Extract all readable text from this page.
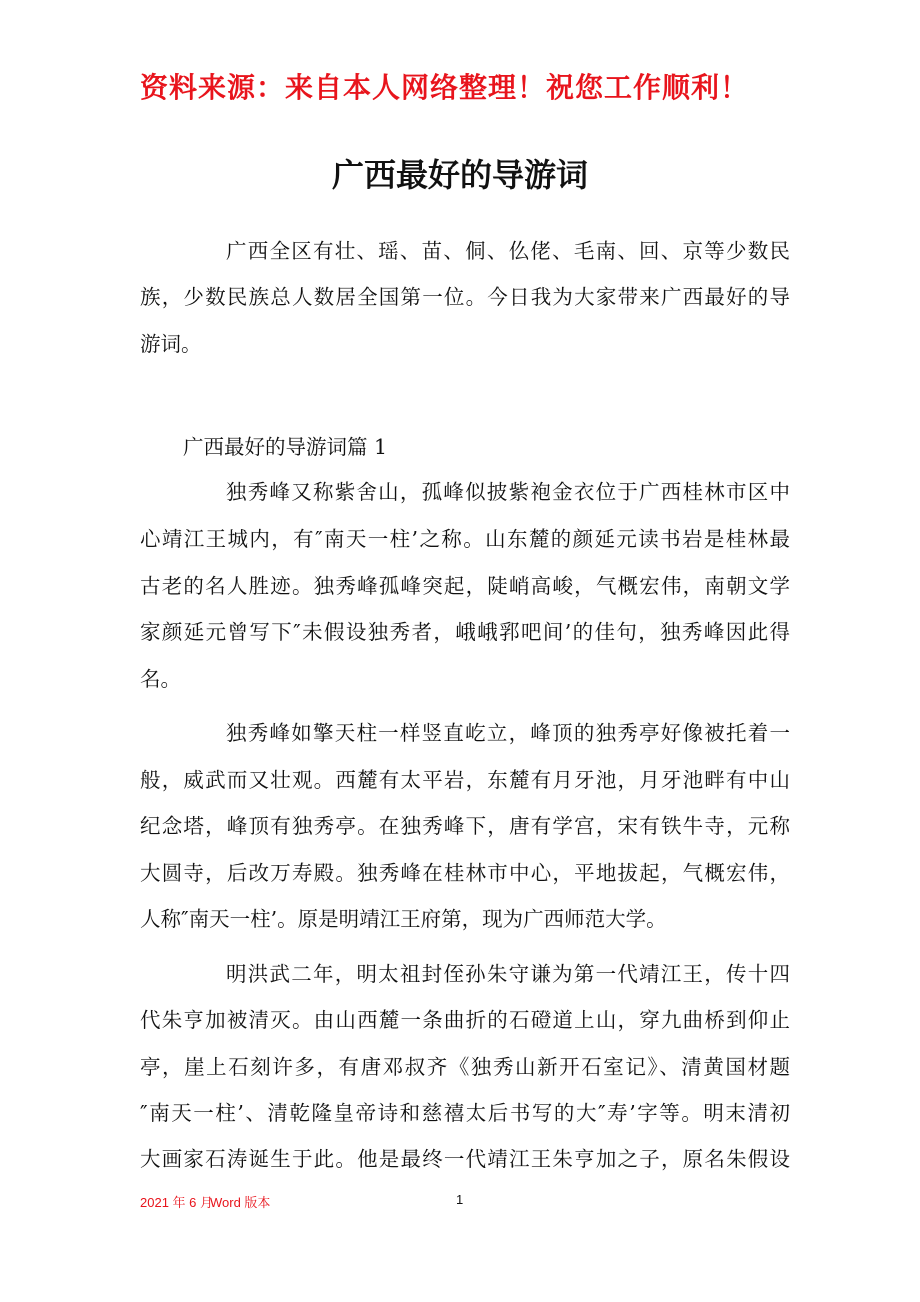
资料来源：来自本人网络整理！祝您工作顺利！
广西最好的导游词
广西全区有壮、瑶、苗、侗、仫佬、毛南、回、京等少数民
族，少数民族总人数居全国第一位。今日我为大家带来广西最好的导
游词。
广西最好的导游词篇 1
独秀峰又称紫舍山，孤峰似披紫袍金衣位于广西桂林市区中
心靖江王城内，有″南天一柱’之称。山东麓的颜延元读书岩是桂林最
古老的名人胜迹。独秀峰孤峰突起，陡峭高峻，气概宏伟，南朝文学
家颜延元曾写下″未假设独秀者，峨峨郛吧间’的佳句，独秀峰因此得
名。
独秀峰如擎天柱一样竖直屹立，峰顶的独秀亭好像被托着一
般，威武而又壮观。西麓有太平岩，东麓有月牙池，月牙池畔有中山
纪念塔，峰顶有独秀亭。在独秀峰下，唐有学宫，宋有铁牛寺，元称
大圆寺，后改万寿殿。独秀峰在桂林市中心，平地拔起，气概宏伟，
人称″南天一柱’。原是明靖江王府第，现为广西师范大学。
明洪武二年，明太祖封侄孙朱守谦为第一代靖江王，传十四
代朱亨加被清灭。由山西麓一条曲折的石磴道上山，穿九曲桥到仰止
亭，崖上石刻许多，有唐邓叔齐《独秀山新开石室记》、清黄国材题
″南天一柱’、清乾隆皇帝诗和慈禧太后书写的大″寿’字等。明末清初
大画家石涛诞生于此。他是最终一代靖江王朱亨加之子，原名朱假设
2021 年 6 月
Word 版本	1
